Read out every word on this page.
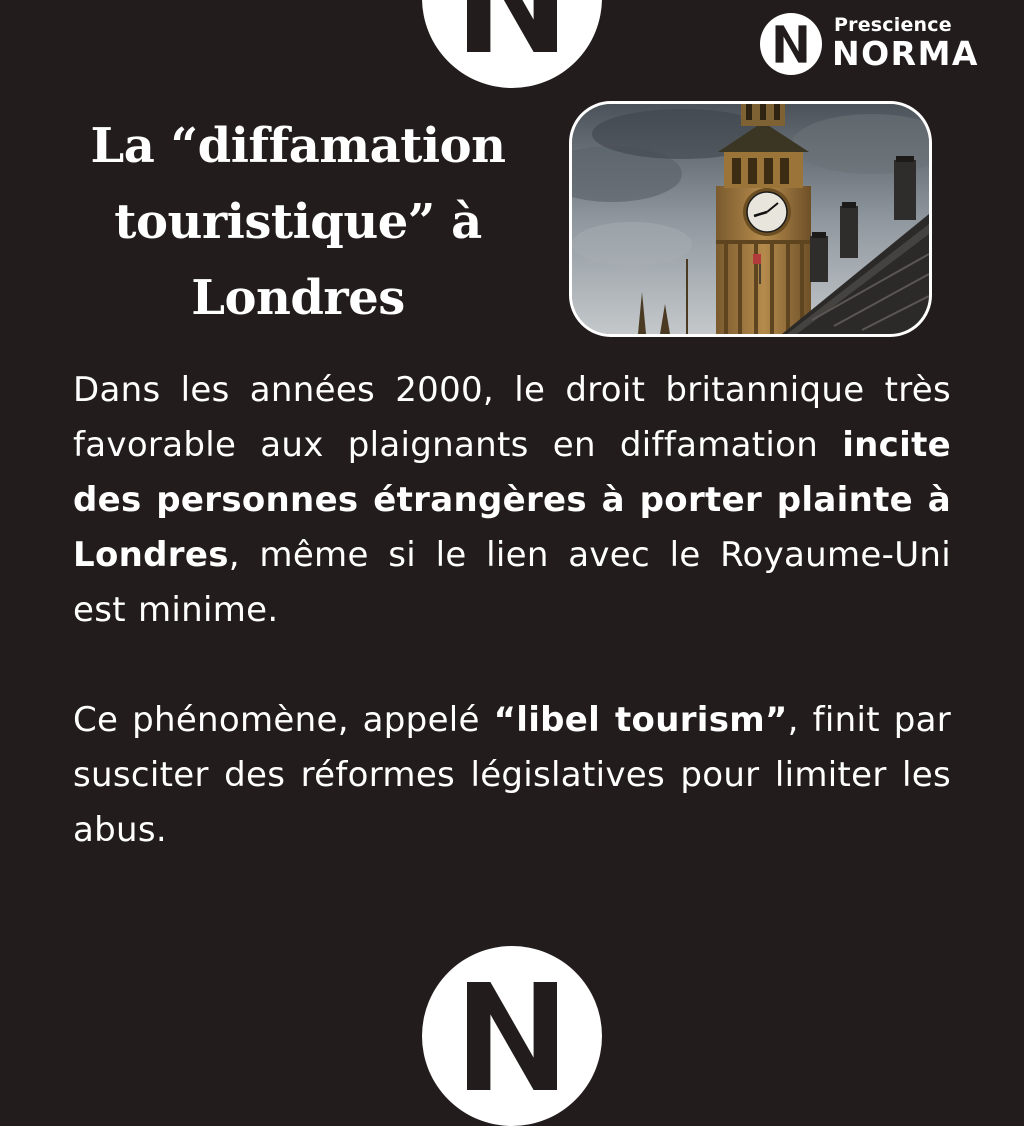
Prescience
NORMA
La “diffamation
touristique” à
Londres

Dans les années 2000, le droit britannique très favorable aux plaignants en diffamation incite des personnes étrangères à porter plainte à Londres, même si le lien avec le Royaume-Uni est minime.

Ce phénomène, appelé “libel tourism”, finit par susciter des réformes législatives pour limiter les abus.
